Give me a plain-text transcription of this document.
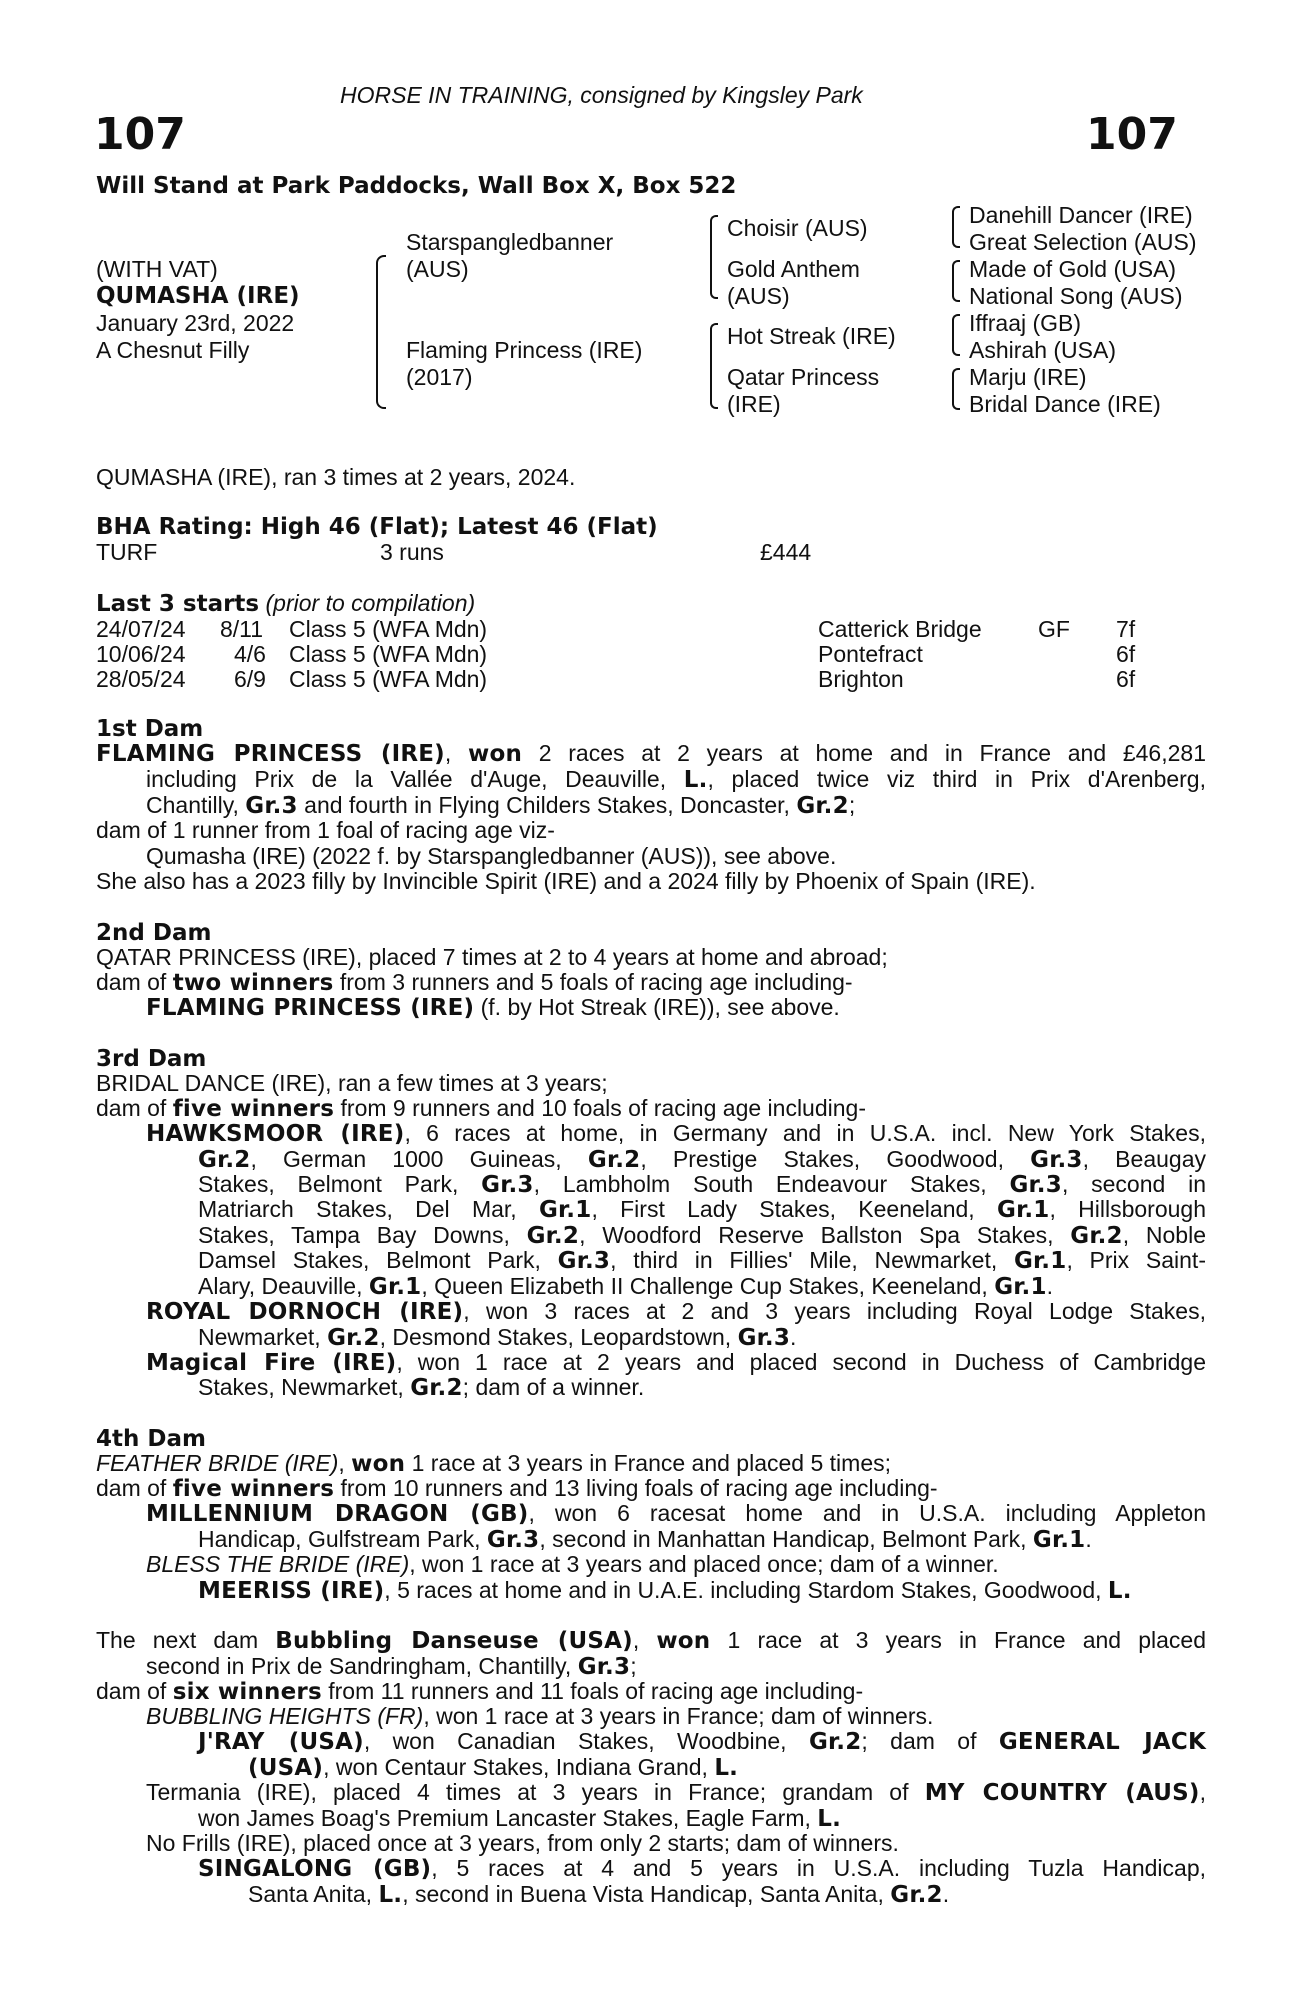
HORSE IN TRAINING, consigned by Kingsley Park
107	107
Will Stand at Park Paddocks, Wall Box X, Box 522
(WITH VAT)
QUMASHA (IRE)
January 23rd, 2022
A Chesnut Filly
Starspangledbanner
(AUS)
Flaming Princess (IRE)
(2017)
Choisir (AUS)
Gold Anthem
(AUS)
Hot Streak (IRE)
Qatar Princess
(IRE)
Danehill Dancer (IRE)
Great Selection (AUS)
Made of Gold (USA)
National Song (AUS)
Iffraaj (GB)
Ashirah (USA)
Marju (IRE)
Bridal Dance (IRE)
QUMASHA (IRE), ran 3 times at 2 years, 2024.
BHA Rating: High 46 (Flat); Latest 46 (Flat)
TURF	3 runs	£444
Last 3 starts (prior to compilation)
24/07/24 8/11 Class 5 (WFA Mdn)	Catterick Bridge GF 7f
10/06/24 4/6 Class 5 (WFA Mdn)	Pontefract	6f
28/05/24 6/9 Class 5 (WFA Mdn)	Brighton	6f
1st Dam
FLAMING PRINCESS (IRE), won 2 races at 2 years at home and in France and £46,281
including Prix de la Vallée d'Auge, Deauville, L., placed twice viz third in Prix d'Arenberg,
Chantilly, Gr.3 and fourth in Flying Childers Stakes, Doncaster, Gr.2;
dam of 1 runner from 1 foal of racing age viz-
Qumasha (IRE) (2022 f. by Starspangledbanner (AUS)), see above.
She also has a 2023 filly by Invincible Spirit (IRE) and a 2024 filly by Phoenix of Spain (IRE).
2nd Dam
QATAR PRINCESS (IRE), placed 7 times at 2 to 4 years at home and abroad;
dam of two winners from 3 runners and 5 foals of racing age including-
FLAMING PRINCESS (IRE) (f. by Hot Streak (IRE)), see above.
3rd Dam
BRIDAL DANCE (IRE), ran a few times at 3 years;
dam of five winners from 9 runners and 10 foals of racing age including-
HAWKSMOOR (IRE), 6 races at home, in Germany and in U.S.A. incl. New York Stakes,
Gr.2, German 1000 Guineas, Gr.2, Prestige Stakes, Goodwood, Gr.3, Beaugay
Stakes, Belmont Park, Gr.3, Lambholm South Endeavour Stakes, Gr.3, second in
Matriarch Stakes, Del Mar, Gr.1, First Lady Stakes, Keeneland, Gr.1, Hillsborough
Stakes, Tampa Bay Downs, Gr.2, Woodford Reserve Ballston Spa Stakes, Gr.2, Noble
Damsel Stakes, Belmont Park, Gr.3, third in Fillies' Mile, Newmarket, Gr.1, Prix Saint-
Alary, Deauville, Gr.1, Queen Elizabeth II Challenge Cup Stakes, Keeneland, Gr.1.
ROYAL DORNOCH (IRE), won 3 races at 2 and 3 years including Royal Lodge Stakes,
Newmarket, Gr.2, Desmond Stakes, Leopardstown, Gr.3.
Magical Fire (IRE), won 1 race at 2 years and placed second in Duchess of Cambridge
Stakes, Newmarket, Gr.2; dam of a winner.
4th Dam
FEATHER BRIDE (IRE), won 1 race at 3 years in France and placed 5 times;
dam of five winners from 10 runners and 13 living foals of racing age including-
MILLENNIUM DRAGON (GB), won 6 racesat home and in U.S.A. including Appleton
Handicap, Gulfstream Park, Gr.3, second in Manhattan Handicap, Belmont Park, Gr.1.
BLESS THE BRIDE (IRE), won 1 race at 3 years and placed once; dam of a winner.
MEERISS (IRE), 5 races at home and in U.A.E. including Stardom Stakes, Goodwood, L.
The next dam Bubbling Danseuse (USA), won 1 race at 3 years in France and placed
second in Prix de Sandringham, Chantilly, Gr.3;
dam of six winners from 11 runners and 11 foals of racing age including-
BUBBLING HEIGHTS (FR), won 1 race at 3 years in France; dam of winners.
J'RAY (USA), won Canadian Stakes, Woodbine, Gr.2; dam of GENERAL JACK
(USA), won Centaur Stakes, Indiana Grand, L.
Termania (IRE), placed 4 times at 3 years in France; grandam of MY COUNTRY (AUS),
won James Boag's Premium Lancaster Stakes, Eagle Farm, L.
No Frills (IRE), placed once at 3 years, from only 2 starts; dam of winners.
SINGALONG (GB), 5 races at 4 and 5 years in U.S.A. including Tuzla Handicap,
Santa Anita, L., second in Buena Vista Handicap, Santa Anita, Gr.2.
